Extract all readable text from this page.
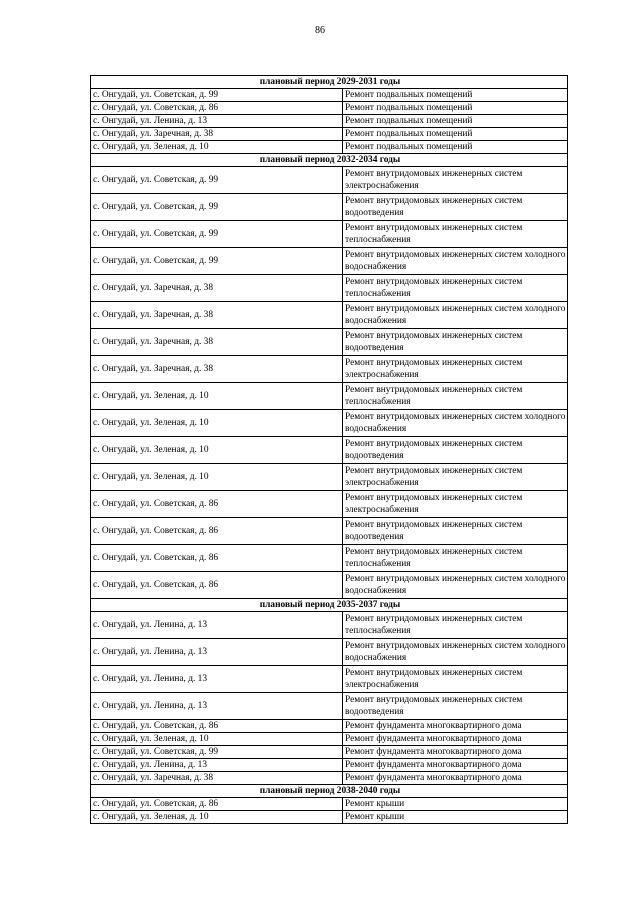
86
плановый период 2029-2031 годы	
с. Онгудай, ул. Советская, д. 99	Ремонт подвальных помещений
с. Онгудай, ул. Советская, д. 86	Ремонт подвальных помещений
с. Онгудай, ул. Ленина, д. 13	Ремонт подвальных помещений
с. Онгудай, ул. Заречная, д. 38	Ремонт подвальных помещений
с. Онгудай, ул. Зеленая, д. 10	Ремонт подвальных помещений
плановый период 2032-2034 годы	
с. Онгудай, ул. Советская, д. 99	Ремонт внутридомовых инженерных систем электроснабжения
с. Онгудай, ул. Советская, д. 99	Ремонт внутридомовых инженерных систем водоотведения
с. Онгудай, ул. Советская, д. 99	Ремонт внутридомовых инженерных систем теплоснабжения
с. Онгудай, ул. Советская, д. 99	Ремонт внутридомовых инженерных систем холодного водоснабжения
с. Онгудай, ул. Заречная, д. 38	Ремонт внутридомовых инженерных систем теплоснабжения
с. Онгудай, ул. Заречная, д. 38	Ремонт внутридомовых инженерных систем холодного водоснабжения
с. Онгудай, ул. Заречная, д. 38	Ремонт внутридомовых инженерных систем водоотведения
с. Онгудай, ул. Заречная, д. 38	Ремонт внутридомовых инженерных систем электроснабжения
с. Онгудай, ул. Зеленая, д. 10	Ремонт внутридомовых инженерных систем теплоснабжения
с. Онгудай, ул. Зеленая, д. 10	Ремонт внутридомовых инженерных систем холодного водоснабжения
с. Онгудай, ул. Зеленая, д. 10	Ремонт внутридомовых инженерных систем водоотведения
с. Онгудай, ул. Зеленая, д. 10	Ремонт внутридомовых инженерных систем электроснабжения
с. Онгудай, ул. Советская, д. 86	Ремонт внутридомовых инженерных систем электроснабжения
с. Онгудай, ул. Советская, д. 86	Ремонт внутридомовых инженерных систем водоотведения
с. Онгудай, ул. Советская, д. 86	Ремонт внутридомовых инженерных систем теплоснабжения
с. Онгудай, ул. Советская, д. 86	Ремонт внутридомовых инженерных систем холодного водоснабжения
плановый период 2035-2037 годы	
с. Онгудай, ул. Ленина, д. 13	Ремонт внутридомовых инженерных систем теплоснабжения
с. Онгудай, ул. Ленина, д. 13	Ремонт внутридомовых инженерных систем холодного водоснабжения
с. Онгудай, ул. Ленина, д. 13	Ремонт внутридомовых инженерных систем электроснабжения
с. Онгудай, ул. Ленина, д. 13	Ремонт внутридомовых инженерных систем водоотведения
с. Онгудай, ул. Советская, д. 86	Ремонт фундамента многоквартирного дома
с. Онгудай, ул. Зеленая, д. 10	Ремонт фундамента многоквартирного дома
с. Онгудай, ул. Советская, д. 99	Ремонт фундамента многоквартирного дома
с. Онгудай, ул. Ленина, д. 13	Ремонт фундамента многоквартирного дома
с. Онгудай, ул. Заречная, д. 38	Ремонт фундамента многоквартирного дома
плановый период 2038-2040 годы	
с. Онгудай, ул. Советская, д. 86	Ремонт крыши
с. Онгудай, ул. Зеленая, д. 10	Ремонт крыши
